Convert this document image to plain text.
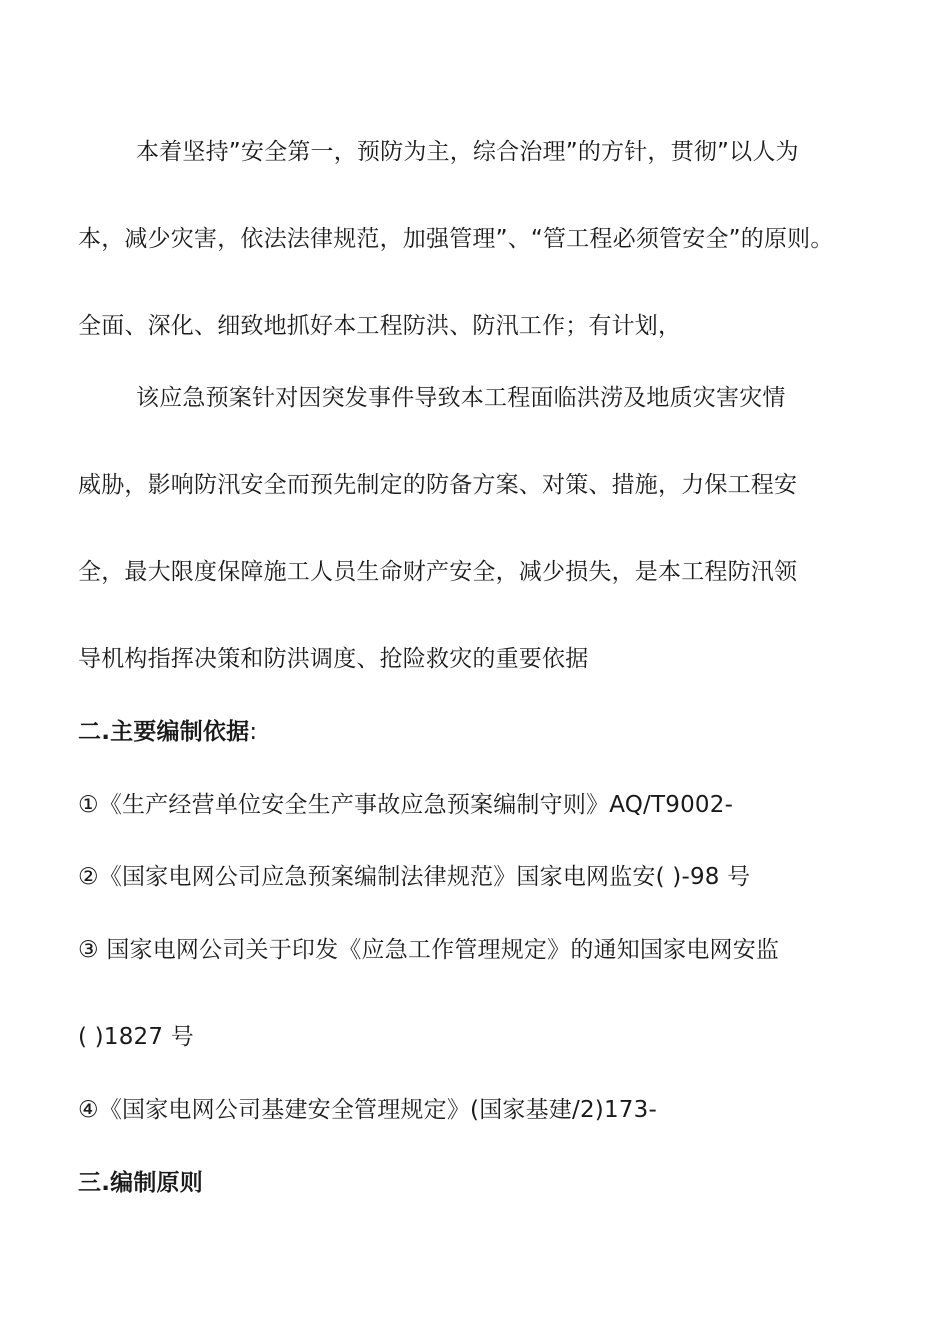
本着坚持”安全第一，预防为主，综合治理”的方针，贯彻”以人为
本，减少灾害，依法法律规范，加强管理”、“管工程必须管安全”的原则。
全面、深化、细致地抓好本工程防洪、防汛工作；有计划，
该应急预案针对因突发事件导致本工程面临洪涝及地质灾害灾情
威胁，影响防汛安全而预先制定的防备方案、对策、措施，力保工程安
全，最大限度保障施工人员生命财产安全，减少损失，是本工程防汛领
导机构指挥决策和防洪调度、抢险救灾的重要依据
二.主要编制依据:
①《生产经营单位安全生产事故应急预案编制守则》AQ/T9002-
②《国家电网公司应急预案编制法律规范》国家电网监安( )-98 号
③ 国家电网公司关于印发《应急工作管理规定》的通知国家电网安监
( )1827 号
④《国家电网公司基建安全管理规定》(国家基建/2)173-
三.编制原则
